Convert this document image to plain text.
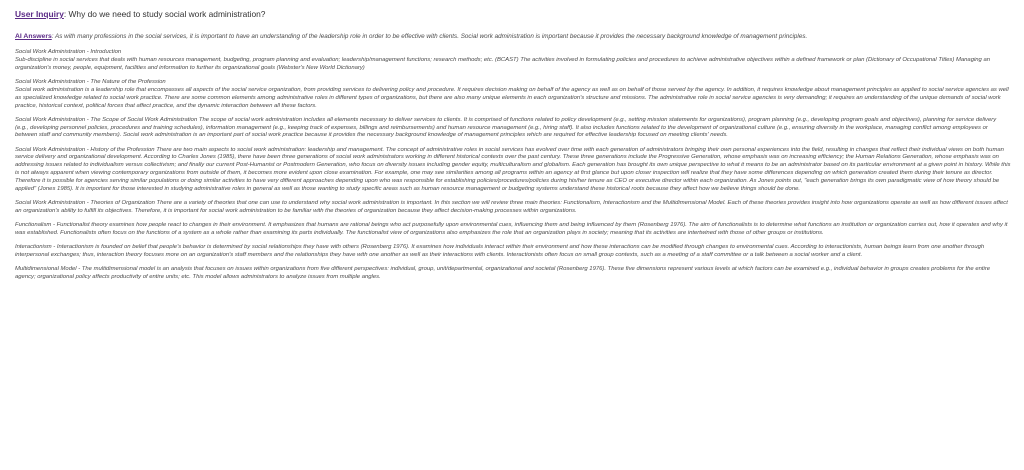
User Inquiry: Why do we need to study social work administration?

AI Answers: As with many professions in the social services, it is important to have an understanding of the leadership role in order to be effective with clients. Social work administration is important because it provides the necessary background knowledge of management principles.

Social Work Administration - Introduction
Sub-discipline in social services that deals with human resources management, budgeting, program planning and evaluation; leadership/management functions; research methods; etc. (BCAST) The activities involved in formulating policies and procedures to achieve administrative objectives within a defined framework or plan (Dictionary of Occupational Titles) Managing an organization's money, people, equipment, facilities and information to further its organizational goals (Webster's New World Dictionary)

Social Work Administration - The Nature of the Profession
Social work administration is a leadership role that encompasses all aspects of the social service organization, from providing services to delivering policy and procedure. It requires decision making on behalf of the agency as well as on behalf of those served by the agency. In addition, it requires knowledge about management principles as applied to social service agencies as well as specialized knowledge related to social work practice. There are some common elements among administrative roles in different types of organizations, but there are also many unique elements in each organization's structure and missions. The administrative role in social service agencies is very demanding; it requires an understanding of the unique demands of social work practice, historical context, political forces that affect practice, and the dynamic interaction between all these factors.

Social Work Administration - The Scope of Social Work Administration The scope of social work administration includes all elements necessary to deliver services to clients. It is comprised of functions related to policy development (e.g., setting mission statements for organizations), program planning (e.g., developing program goals and objectives), planning for service delivery (e.g., developing personnel policies, procedures and training schedules), information management (e.g., keeping track of expenses, billings and reimbursements) and human resource management (e.g., hiring staff). It also includes functions related to the development of organizational culture (e.g., ensuring diversity in the workplace, managing conflict among employees or between staff and community members). Social work administration is an important part of social work practice because it provides the necessary background knowledge of management principles which are required for effective leadership focused on meeting clients' needs.

Social Work Administration - History of the Profession There are two main aspects to social work administration: leadership and management. The concept of administrative roles in social services has evolved over time with each generation of administrators bringing their own personal experiences into the field, resulting in changes that reflect their individual views on both human service delivery and organizational development. According to Charles Jones (1985), there have been three generations of social work administrators working in different historical contexts over the past century. These three generations include the Progressive Generation, whose emphasis was on increasing efficiency; the Human Relations Generation, whose emphasis was on addressing issues related to individualism versus collectivism; and finally our current Post-Humanist or Postmodern Generation, who focus on diversity issues including gender equity, multiculturalism and globalism. Each generation has brought its own unique perspective to what it means to be an administrator based on its particular environment at a given point in history. While this is not always apparent when viewing contemporary organizations from outside of them, it becomes more evident upon close examination. For example, one may see similarities among all programs within an agency at first glance but upon closer inspection will realize that they have some differences depending on which generation created them during their tenure as director. Therefore it is possible for agencies serving similar populations or doing similar activities to have very different approaches depending upon who was responsible for establishing policies/procedures/policies during his/her tenure as CEO or executive director within each organization. As Jones points out, "each generation brings its own paradigmatic view of how theory should be applied" (Jones 1985). It is important for those interested in studying administrative roles in general as well as those wanting to study specific areas such as human resource management or budgeting systems understand these historical roots because they affect how we believe things should be done.

Social Work Administration - Theories of Organization There are a variety of theories that one can use to understand why social work administration is important. In this section we will review three main theories: Functionalism, Interactionism and the Multidimensional Model. Each of these theories provides insight into how organizations operate as well as how different issues affect an organization's ability to fulfill its objectives. Therefore, it is important for social work administration to be familiar with the theories of organization because they affect decision-making processes within organizations.

Functionalism - Functionalist theory examines how people react to changes in their environment. It emphasizes that humans are rational beings who act purposefully upon environmental cues, influencing them and being influenced by them (Rosenberg 1976). The aim of functionalists is to determine what functions an institution or organization carries out, how it operates and why it was established. Functionalists often focus on the functions of a system as a whole rather than examining its parts individually. The functionalist view of organizations also emphasizes the role that an organization plays in society; meaning that its activities are intertwined with those of other groups or institutions.

Interactionism - Interactionism is founded on belief that people's behavior is determined by social relationships they have with others (Rosenberg 1976). It examines how individuals interact within their environment and how these interactions can be modified through changes to environmental cues. According to interactionists, human beings learn from one another through interpersonal exchanges; thus, interaction theory focuses more on an organization's staff members and the relationships they have with one another as well as their interactions with clients. Interactionists often focus on small group contexts, such as a meeting of a staff committee or a talk between a social worker and a client.

Multidimensional Model - The multidimensional model is an analysis that focuses on issues within organizations from five different perspectives: individual, group, unit/departmental, organizational and societal (Rosenberg 1976). These five dimensions represent various levels at which factors can be examined e.g., individual behavior in groups creates problems for the entire agency; organizational policy affects productivity of entire units; etc. This model allows administrators to analyze issues from multiple angles.
